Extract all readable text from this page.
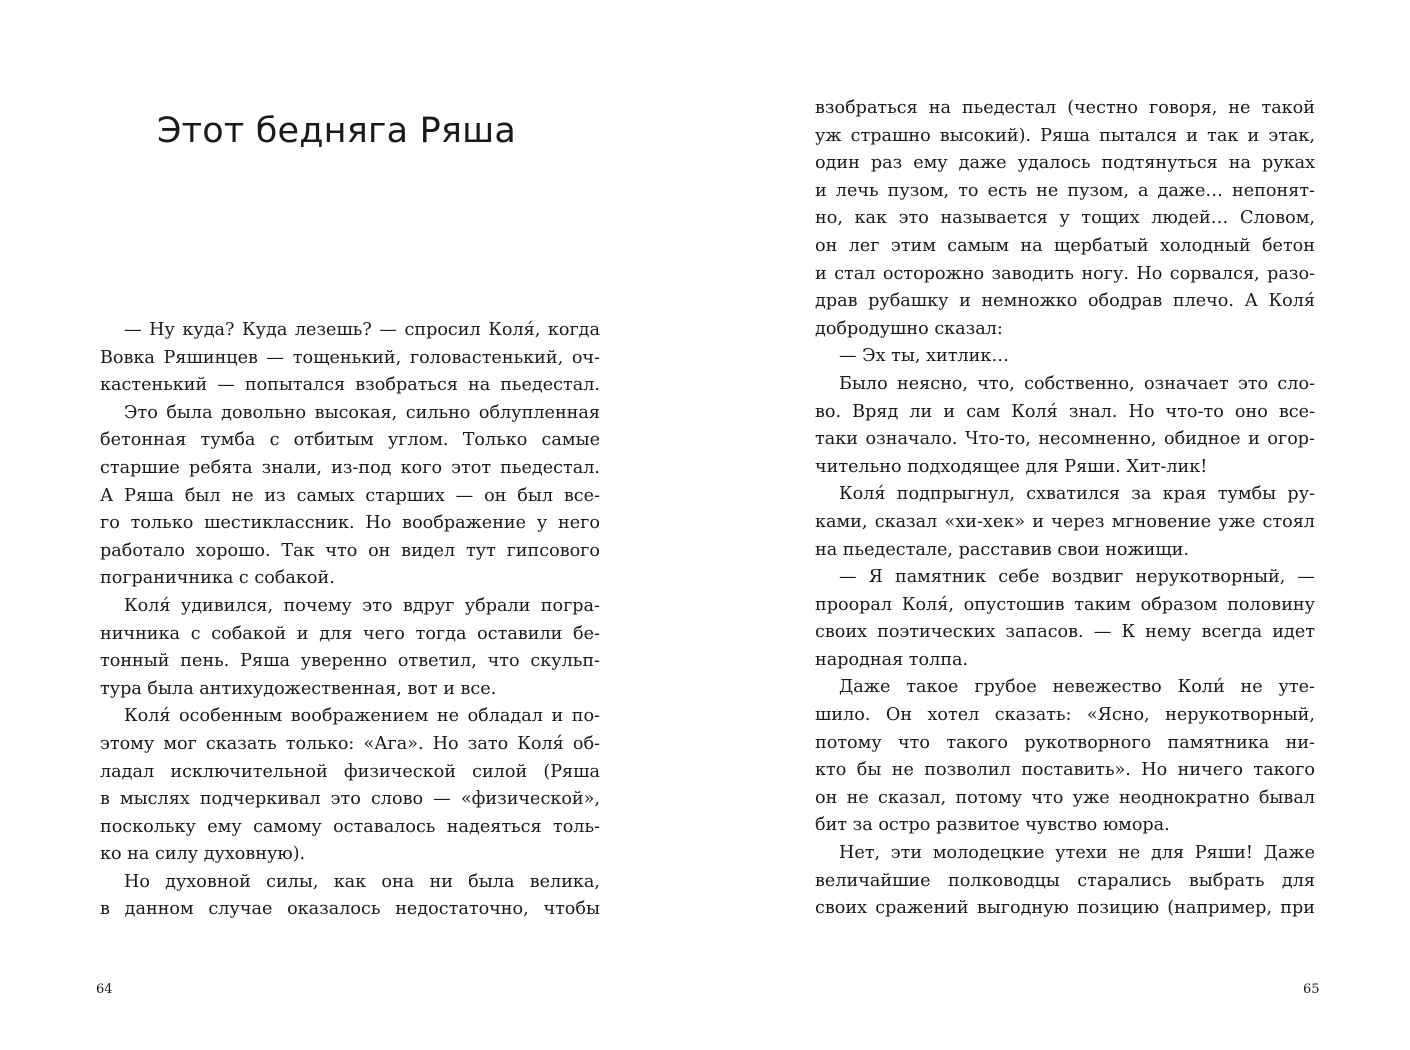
Этот бедняга Ряша
— Ну куда? Куда лезешь? — спросил Коля́, когда
Вовка Ряшинцев — тощенький, головастенький, оч-
кастенький — попытался взобраться на пьедестал.
Это была довольно высокая, сильно облупленная
бетонная тумба с отбитым углом. Только самые
старшие ребята знали, из-под кого этот пьедестал.
А Ряша был не из самых старших — он был все-
го только шестиклассник. Но воображение у него
работало хорошо. Так что он видел тут гипсового
пограничника с собакой.
Коля́ удивился, почему это вдруг убрали погра-
ничника с собакой и для чего тогда оставили бе-
тонный пень. Ряша уверенно ответил, что скульп-
тура была антихудожественная, вот и все.
Коля́ особенным воображением не обладал и по-
этому мог сказать только: «Ага». Но зато Коля́ об-
ладал исключительной физической силой (Ряша
в мыслях подчеркивал это слово — «физической»,
поскольку ему самому оставалось надеяться толь-
ко на силу духовную).
Но духовной силы, как она ни была велика,
в данном случае оказалось недостаточно, чтобы

64

взобраться на пьедестал (честно говоря, не такой
уж страшно высокий). Ряша пытался и так и этак,
один раз ему даже удалось подтянуться на руках
и лечь пузом, то есть не пузом, а даже… непонят-
но, как это называется у тощих людей… Словом,
он лег этим самым на щербатый холодный бетон
и стал осторожно заводить ногу. Но сорвался, разо-
драв рубашку и немножко ободрав плечо. А Коля́
добродушно сказал:
— Эх ты, хитлик…
Было неясно, что, собственно, означает это сло-
во. Вряд ли и сам Коля́ знал. Но что-то оно все-
таки означало. Что-то, несомненно, обидное и огор-
чительно подходящее для Ряши. Хит-лик!
Коля́ подпрыгнул, схватился за края тумбы ру-
ками, сказал «хи-хек» и через мгновение уже стоял
на пьедестале, расставив свои ножищи.
— Я памятник себе воздвиг нерукотворный, —
проорал Коля́, опустошив таким образом половину
своих поэтических запасов. — К нему всегда идет
народная толпа.
Даже такое грубое невежество Коли́ не уте-
шило. Он хотел сказать: «Ясно, нерукотворный,
потому что такого рукотворного памятника ни-
кто бы не позволил поставить». Но ничего такого
он не сказал, потому что уже неоднократно бывал
бит за остро развитое чувство юмора.
Нет, эти молодецкие утехи не для Ряши! Даже
величайшие полководцы старались выбрать для
своих сражений выгодную позицию (например, при

65
